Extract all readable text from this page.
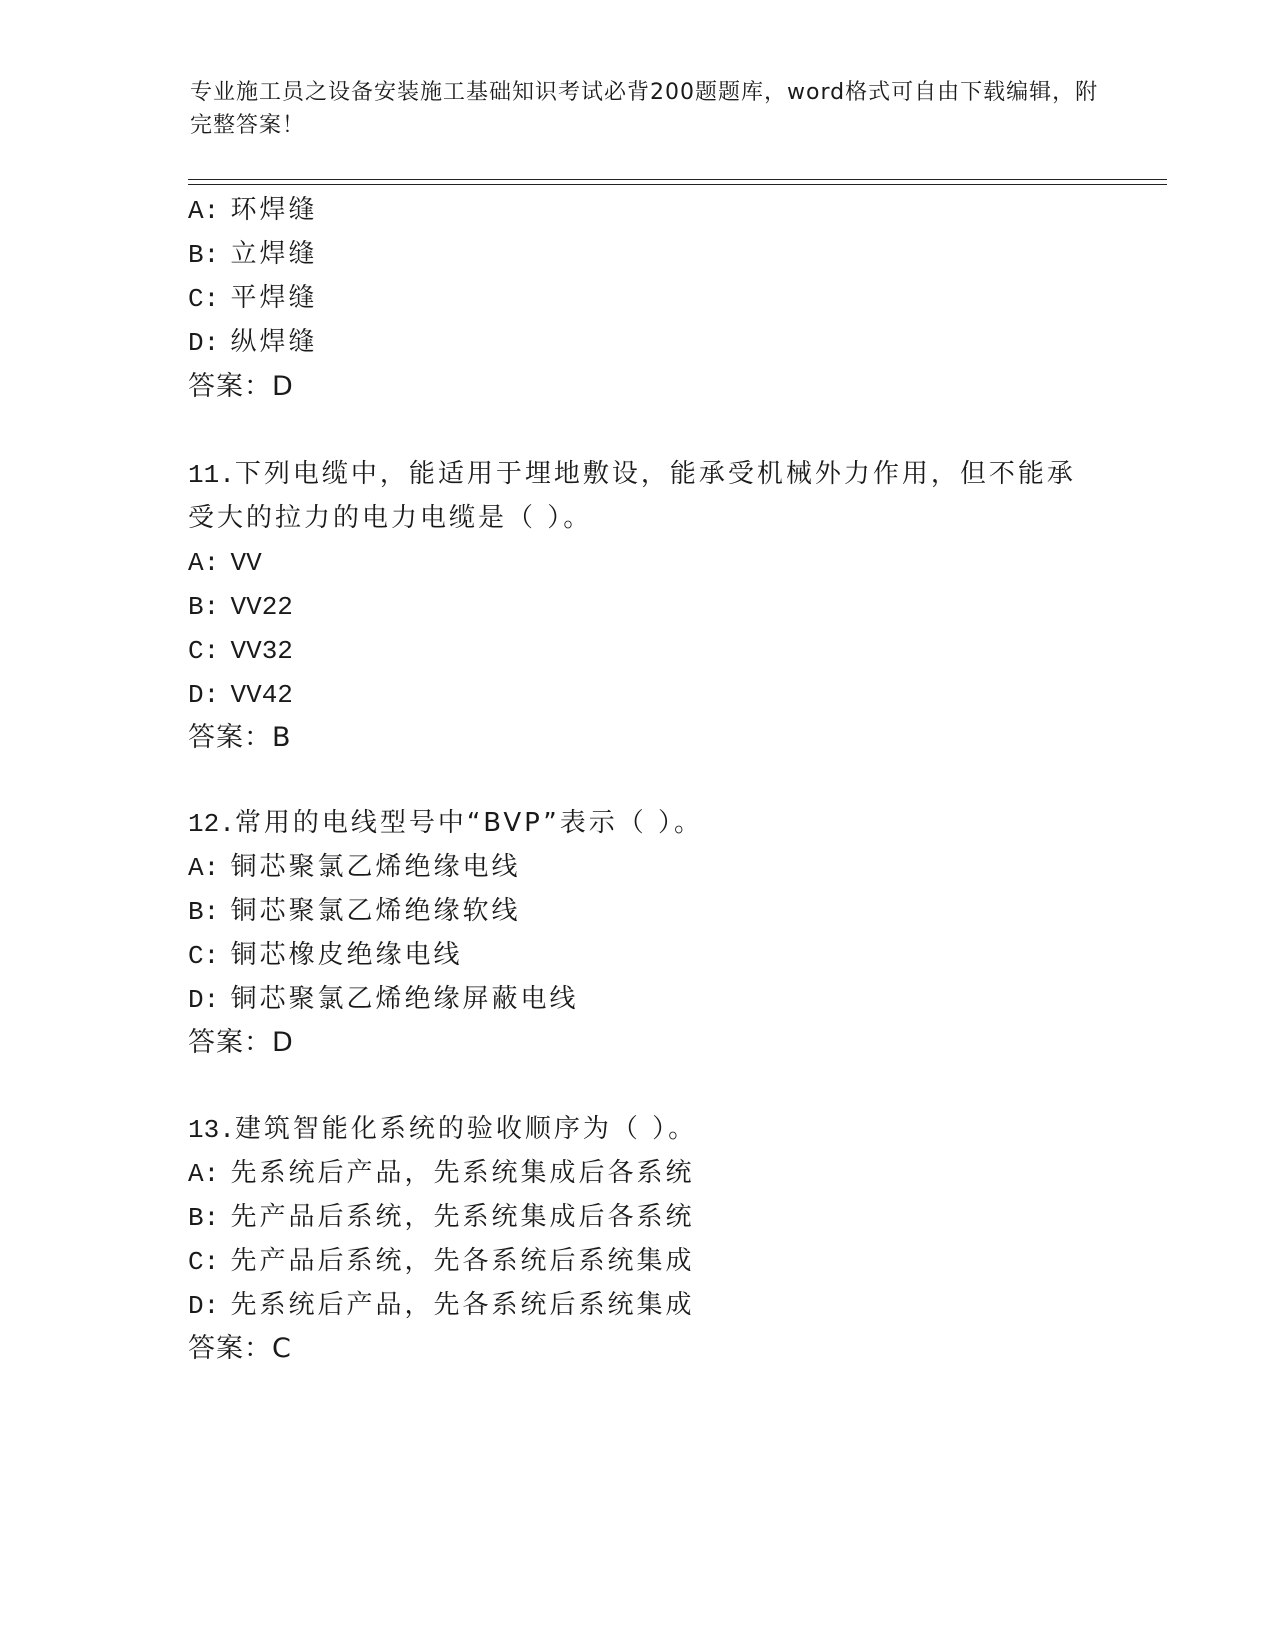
专业施工员之设备安装施工基础知识考试必背200题题库，word格式可自由下载编辑，附完整答案！
A: 环焊缝
B: 立焊缝
C: 平焊缝
D: 纵焊缝
答案：D
11.下列电缆中，能适用于埋地敷设，能承受机械外力作用，但不能承
受大的拉力的电力电缆是（ ）。
A: VV
B: VV22
C: VV32
D: VV42
答案：B
12.常用的电线型号中“BVP”表示（ ）。
A: 铜芯聚氯乙烯绝缘电线
B: 铜芯聚氯乙烯绝缘软线
C: 铜芯橡皮绝缘电线
D: 铜芯聚氯乙烯绝缘屏蔽电线
答案：D
13.建筑智能化系统的验收顺序为（ ）。
A: 先系统后产品，先系统集成后各系统
B: 先产品后系统，先系统集成后各系统
C: 先产品后系统，先各系统后系统集成
D: 先系统后产品，先各系统后系统集成
答案：C
